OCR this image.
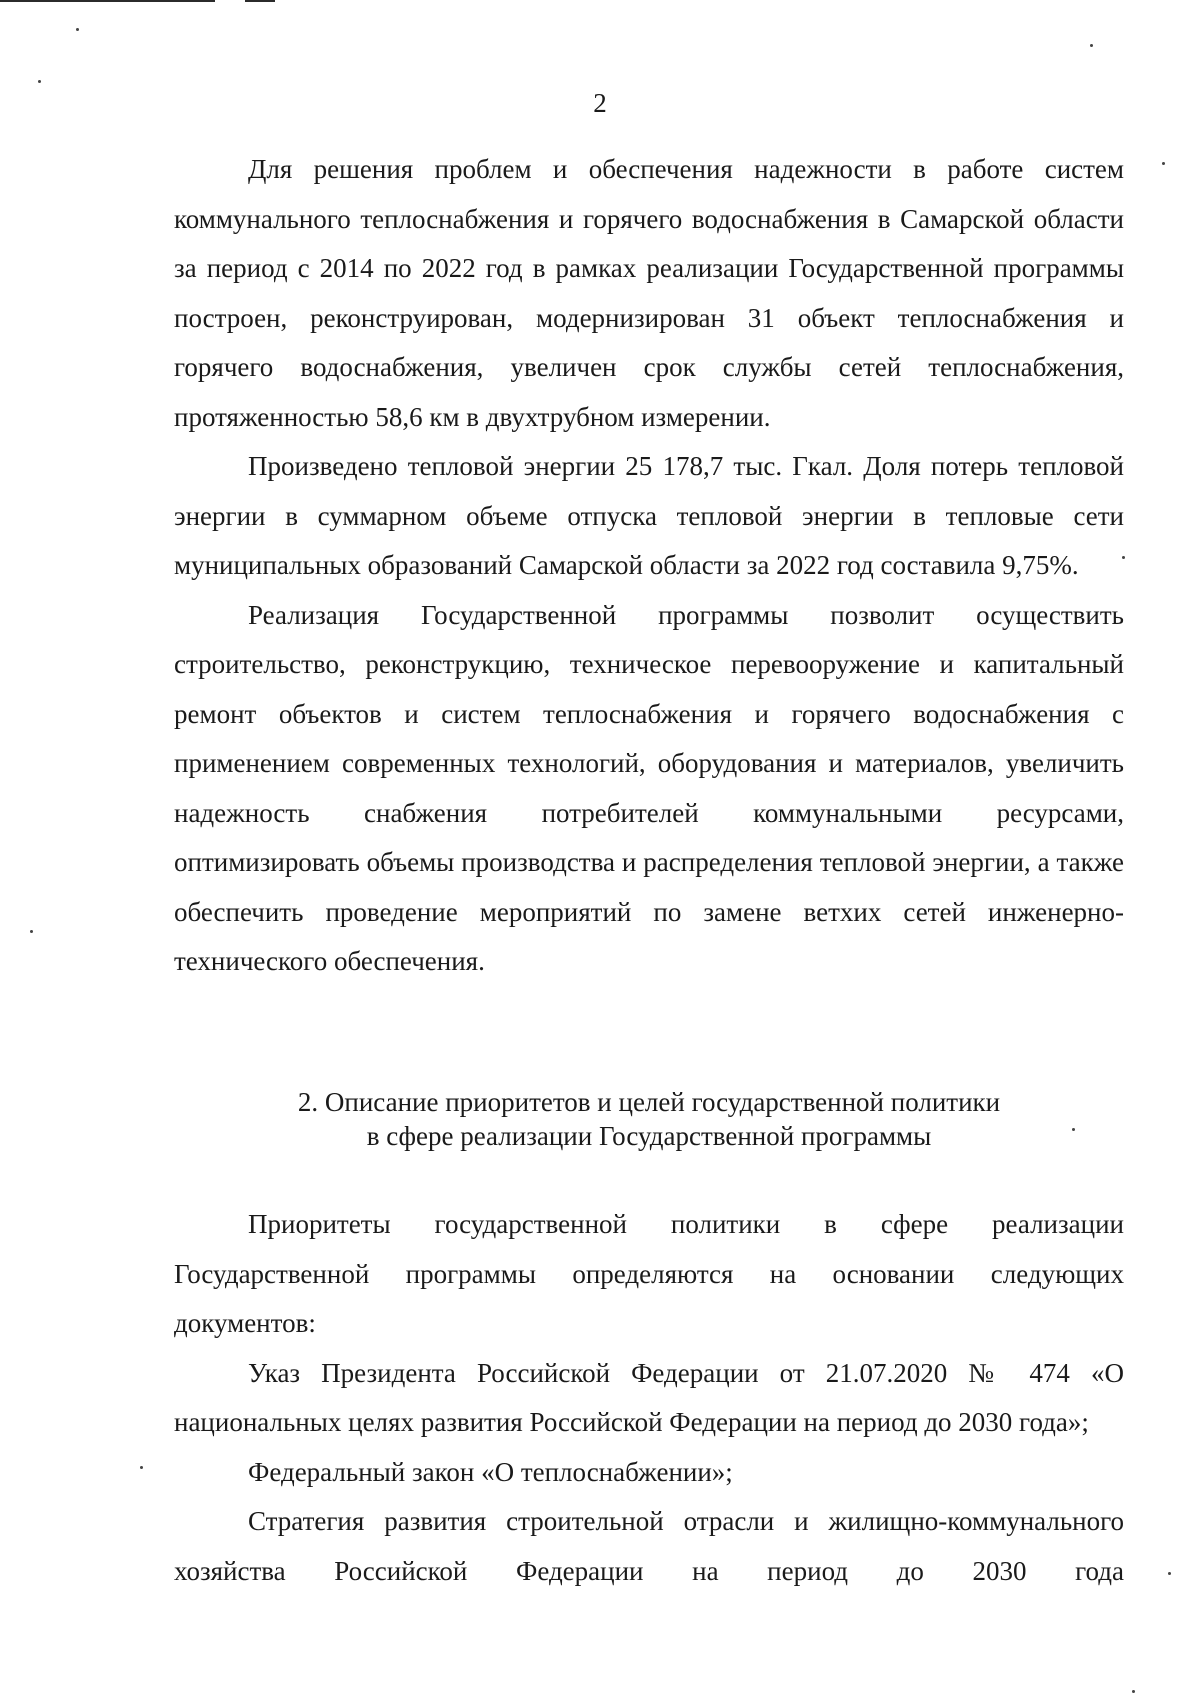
2

Для решения проблем и обеспечения надежности в работе систем коммунального теплоснабжения и горячего водоснабжения в Самарской области за период с 2014 по 2022 год в рамках реализации Государственной программы построен, реконструирован, модернизирован 31 объект теплоснабжения и горячего водоснабжения, увеличен срок службы сетей теплоснабжения, протяженностью 58,6 км в двухтрубном измерении.

Произведено тепловой энергии 25 178,7 тыс. Гкал. Доля потерь тепловой энергии в суммарном объеме отпуска тепловой энергии в тепловые сети муниципальных образований Самарской области за 2022 год составила 9,75%.

Реализация Государственной программы позволит осуществить строительство, реконструкцию, техническое перевооружение и капитальный ремонт объектов и систем теплоснабжения и горячего водоснабжения с применением современных технологий, оборудования и материалов, увеличить надежность снабжения потребителей коммунальными ресурсами, оптимизировать объемы производства и распределения тепловой энергии, а также обеспечить проведение мероприятий по замене ветхих сетей инженерно-технического обеспечения.

2. Описание приоритетов и целей государственной политики
в сфере реализации Государственной программы

Приоритеты государственной политики в сфере реализации Государственной программы определяются на основании следующих документов:

Указ Президента Российской Федерации от 21.07.2020 № 474 «О национальных целях развития Российской Федерации на период до 2030 года»;

Федеральный закон «О теплоснабжении»;

Стратегия развития строительной отрасли и жилищно-коммунального хозяйства Российской Федерации на период до 2030 года
